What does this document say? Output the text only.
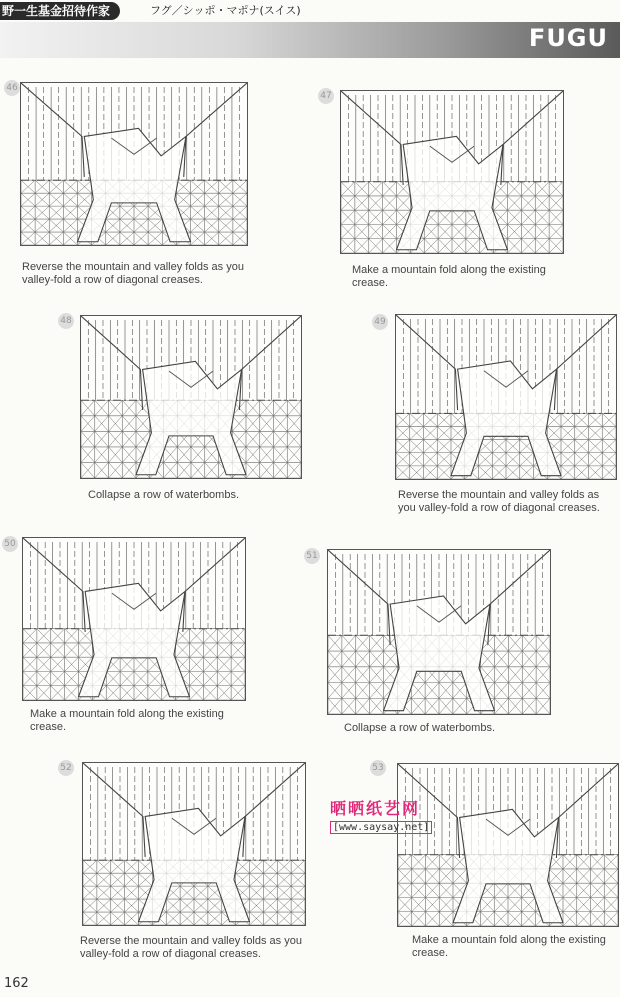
野一生基金招待作家	フグ／シッポ・マポナ(スイス)
FUGU
46
Reverse the mountain and valley folds as you valley-fold a row of diagonal creases.
47
Make a mountain fold along the existing crease.
48
Collapse a row of waterbombs.
49
Reverse the mountain and valley folds as you valley-fold a row of diagonal creases.
50
Make a mountain fold along the existing crease.
51
Collapse a row of waterbombs.
52
Reverse the mountain and valley folds as you valley-fold a row of diagonal creases.
53
Make a mountain fold along the existing crease.
晒晒纸艺网
[www.saysay.net]
162
